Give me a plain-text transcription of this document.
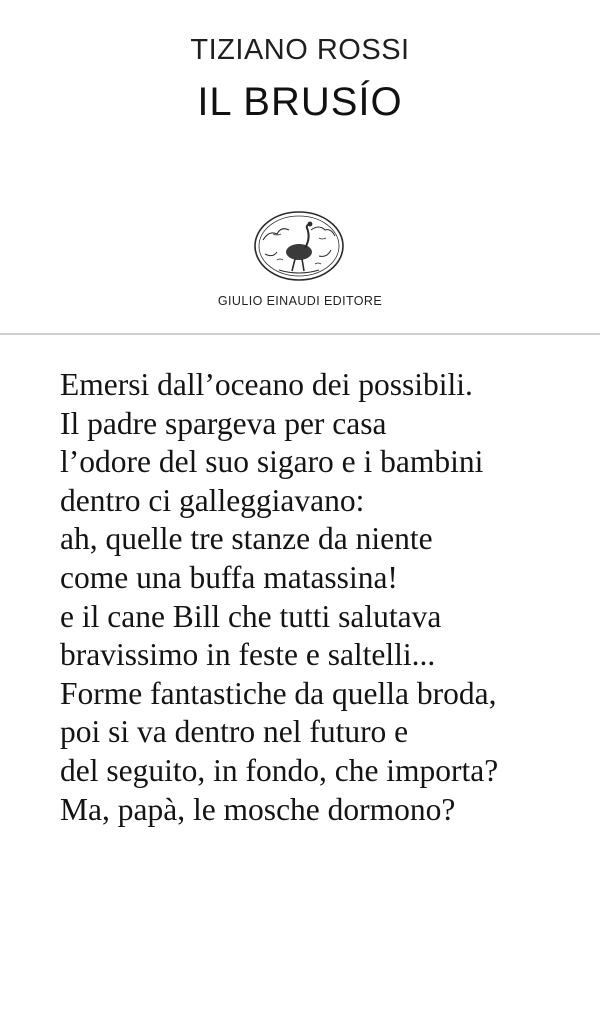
TIZIANO ROSSI
IL BRUSÍO
GIULIO EINAUDI EDITORE
Emersi dall’oceano dei possibili.
Il padre spargeva per casa
l’odore del suo sigaro e i bambini
dentro ci galleggiavano:
ah, quelle tre stanze da niente
come una buffa matassina!
e il cane Bill che tutti salutava
bravissimo in feste e saltelli...
Forme fantastiche da quella broda,
poi si va dentro nel futuro e
del seguito, in fondo, che importa?
Ma, papà, le mosche dormono?
